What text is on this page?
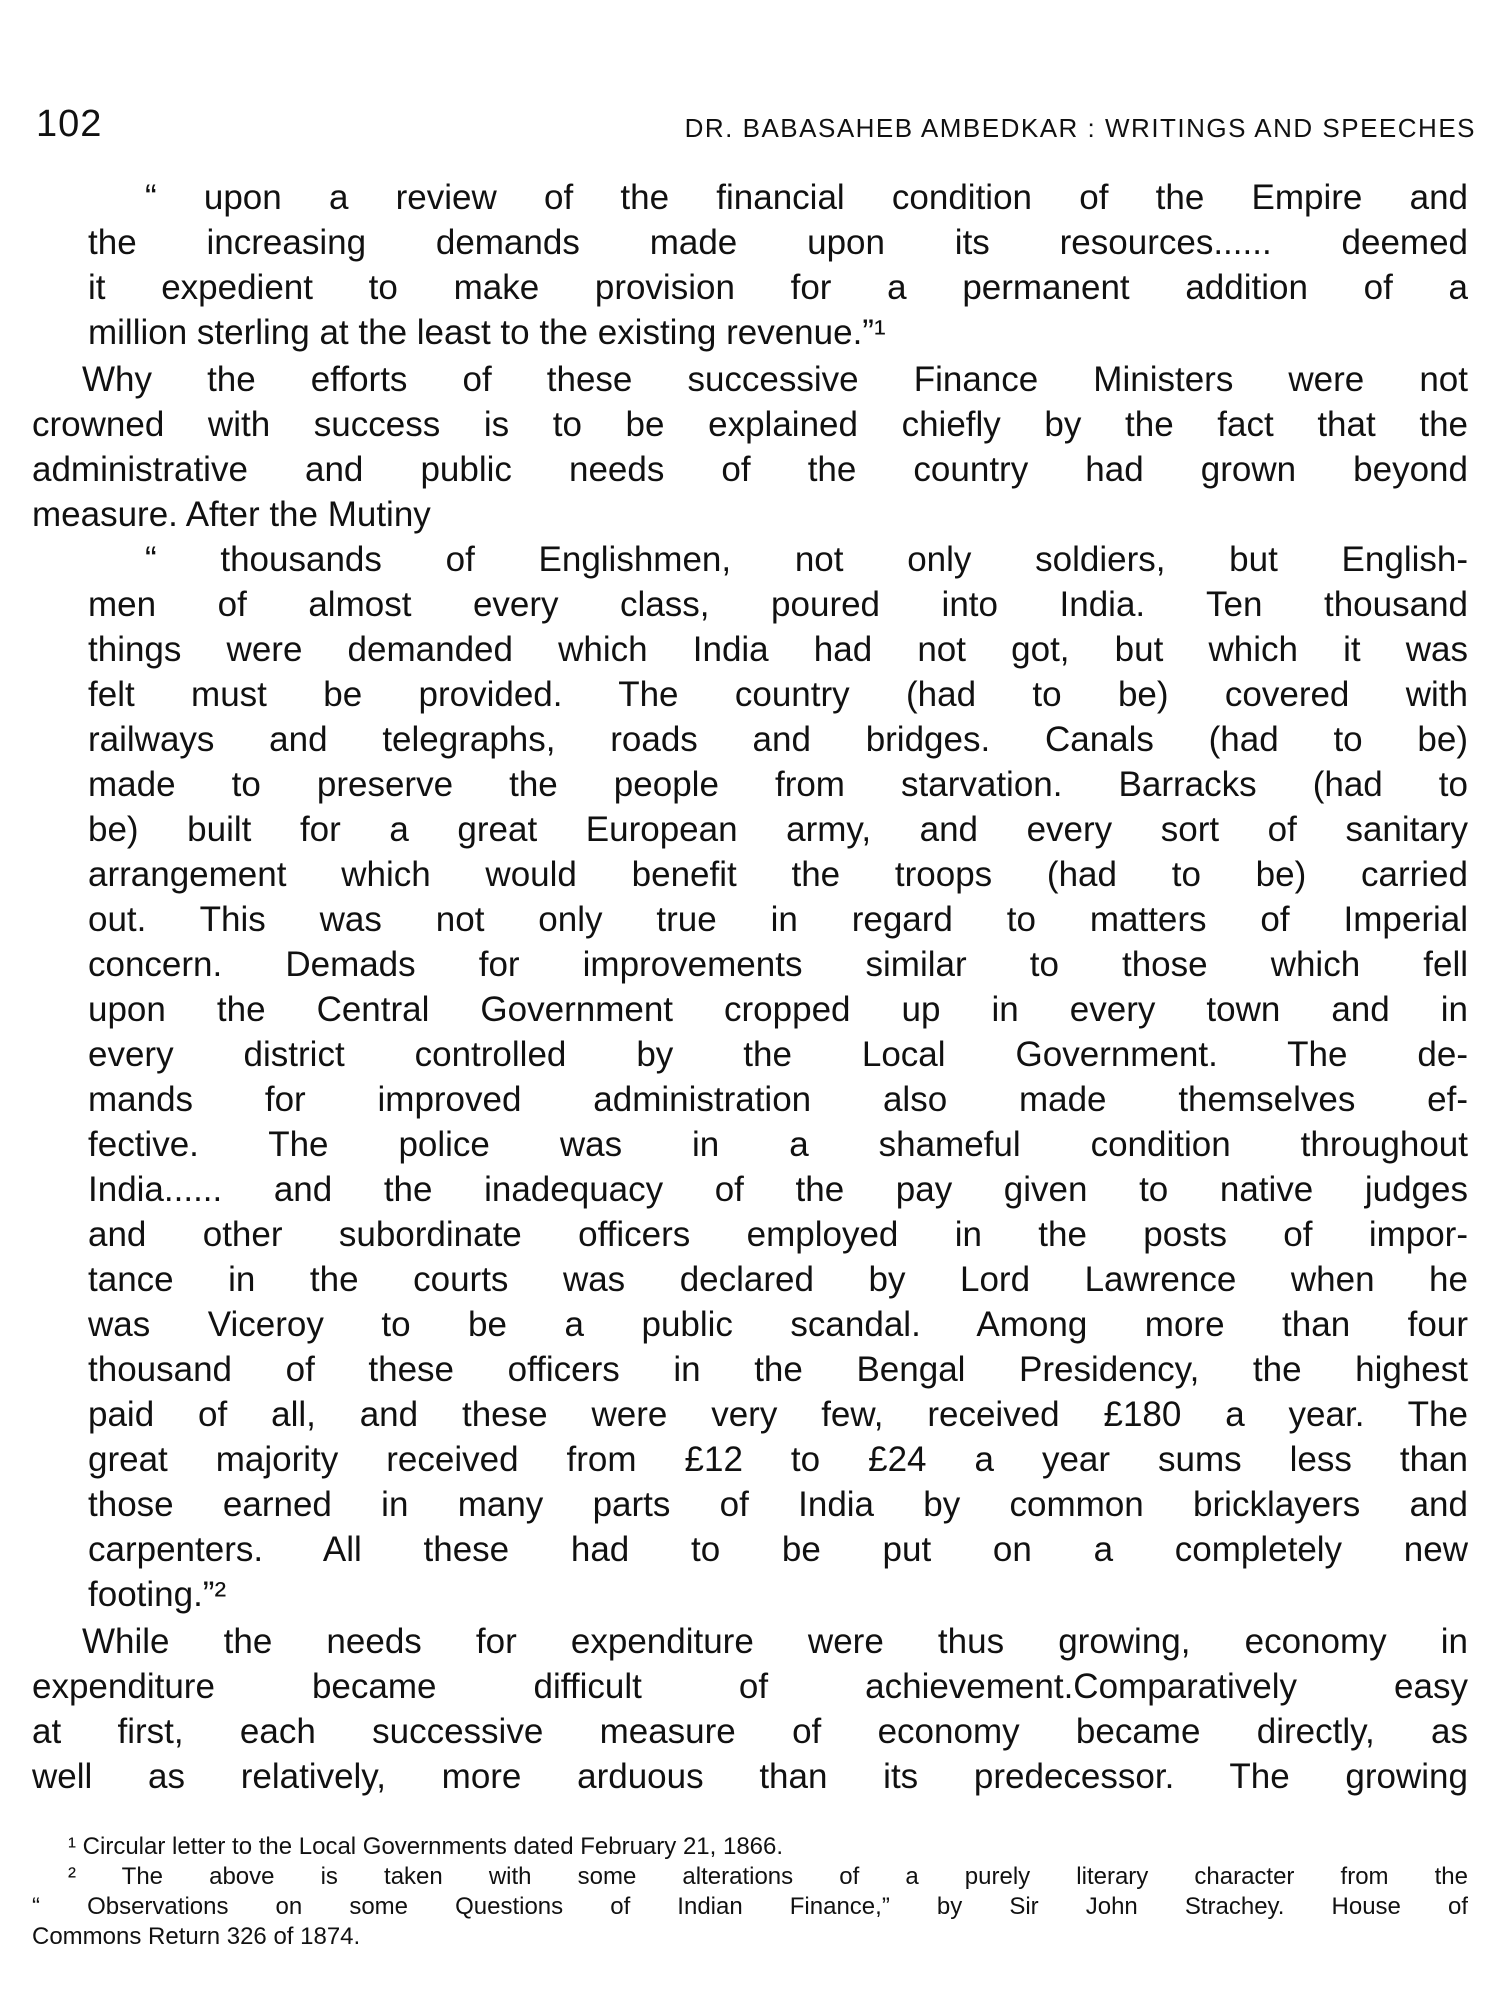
102	DR. BABASAHEB AMBEDKAR : WRITINGS AND SPEECHES
“ upon a review of the financial condition of the Empire and
the increasing demands made upon its resources...... deemed
it expedient to make provision for a permanent addition of a
million sterling at the least to the existing revenue.”¹
Why the efforts of these successive Finance Ministers were not
crowned with success is to be explained chiefly by the fact that the
administrative and public needs of the country had grown beyond
measure. After the Mutiny
“ thousands of Englishmen, not only soldiers, but English-
men of almost every class, poured into India. Ten thousand
things were demanded which India had not got, but which it was
felt must be provided. The country (had to be) covered with
railways and telegraphs, roads and bridges. Canals (had to be)
made to preserve the people from starvation. Barracks (had to
be) built for a great European army, and every sort of sanitary
arrangement which would benefit the troops (had to be) carried
out. This was not only true in regard to matters of Imperial
concern. Demads for improvements similar to those which fell
upon the Central Government cropped up in every town and in
every district controlled by the Local Government. The de-
mands for improved administration also made themselves ef-
fective. The police was in a shameful condition throughout
India...... and the inadequacy of the pay given to native judges
and other subordinate officers employed in the posts of impor-
tance in the courts was declared by Lord Lawrence when he
was Viceroy to be a public scandal. Among more than four
thousand of these officers in the Bengal Presidency, the highest
paid of all, and these were very few, received £180 a year. The
great majority received from £12 to £24 a year sums less than
those earned in many parts of India by common bricklayers and
carpenters. All these had to be put on a completely new
footing.”²
While the needs for expenditure were thus growing, economy in
expenditure became difficult of achievement.Comparatively easy
at first, each successive measure of economy became directly, as
well as relatively, more arduous than its predecessor. The growing
¹ Circular letter to the Local Governments dated February 21, 1866.
² The above is taken with some alterations of a purely literary character from the
“ Observations on some Questions of Indian Finance,” by Sir John Strachey. House of
Commons Return 326 of 1874.
